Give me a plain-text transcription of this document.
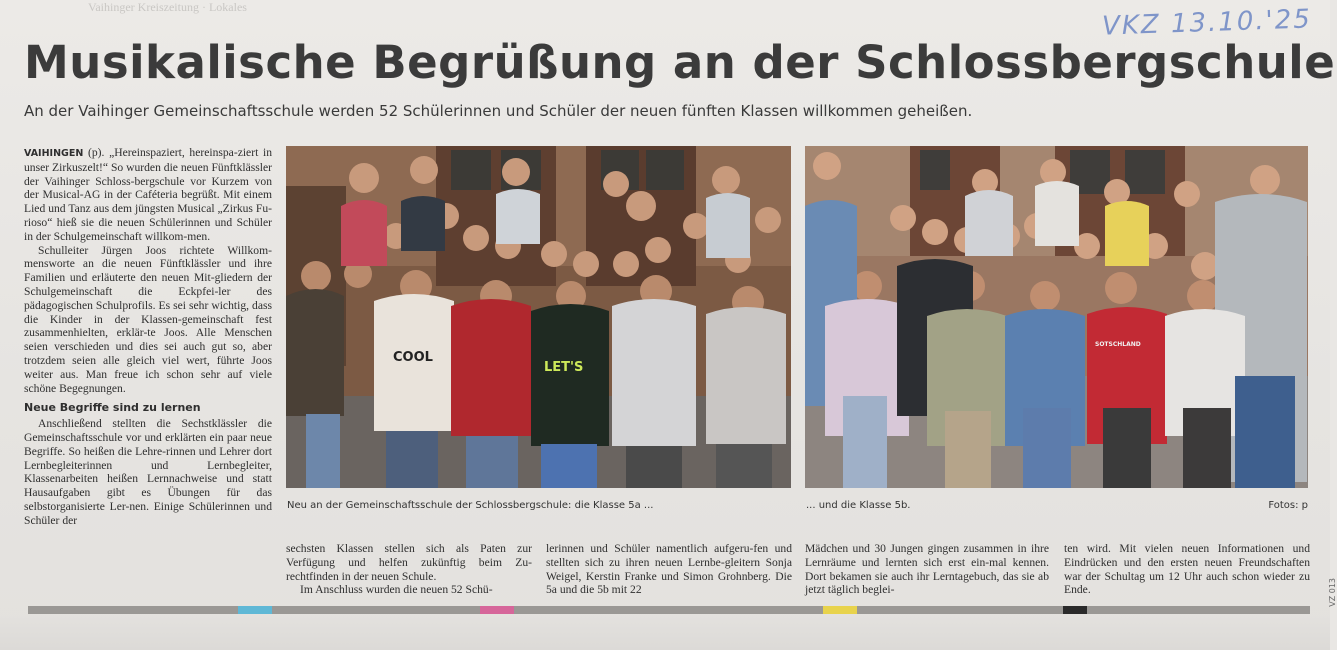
Vaihinger Kreiszeitung · Lokales	VKZ 13.10.'25
Musikalische Begrüßung an der Schlossbergschule
An der Vaihinger Gemeinschaftsschule werden 52 Schülerinnen und Schüler der neuen fünften Klassen willkommen geheißen.

VAIHINGEN (p). „Hereinspaziert, hereinspa-ziert in unser Zirkuszelt!“ So wurden die neuen Fünftklässler der Vaihinger Schloss-bergschule vor Kurzem von der Musical-AG in der Caféteria begrüßt. Mit einem Lied und Tanz aus dem jüngsten Musical „Zirkus Fu-rioso“ hieß sie die neuen Schülerinnen und Schüler in der Schulgemeinschaft willkom-men.

Schulleiter Jürgen Joos richtete Willkom-mensworte an die neuen Fünftklässler und ihre Familien und erläuterte den neuen Mit-gliedern der Schulgemeinschaft die Eckpfei-ler des pädagogischen Schulprofils. Es sei sehr wichtig, dass die Kinder in der Klassen-gemeinschaft fest zusammenhielten, erklär-te Joos. Alle Menschen seien verschieden und dies sei auch gut so, aber trotzdem seien alle gleich viel wert, führte Joos weiter aus. Man freue ich schon sehr auf viele schöne Begegnungen.

Neue Begriffe sind zu lernen

Anschließend stellten die Sechstklässler die Gemeinschaftsschule vor und erklärten ein paar neue Begriffe. So heißen die Lehre-rinnen und Lehrer dort Lernbegleiterinnen und Lernbegleiter, Klassenarbeiten heißen Lernnachweise und statt Hausaufgaben gibt es Übungen für das selbstorganisierte Ler-nen. Einige Schülerinnen und Schüler der

COOL
LET'S
SOTSCHLAND
Neu an der Gemeinschaftsschule der Schlossbergschule: die Klasse 5a ...	... und die Klasse 5b.	Fotos: p

sechsten Klassen stellen sich als Paten zur Verfügung und helfen zukünftig beim Zu-rechtfinden in der neuen Schule.

Im Anschluss wurden die neuen 52 Schü-

lerinnen und Schüler namentlich aufgeru-fen und stellten sich zu ihren neuen Lernbe-gleitern Sonja Weigel, Kerstin Franke und Simon Grohnberg. Die 5a und die 5b mit 22

Mädchen und 30 Jungen gingen zusammen in ihre Lernräume und lernten sich erst ein-mal kennen. Dort bekamen sie auch ihr Lerntagebuch, das sie ab jetzt täglich beglei-

ten wird. Mit vielen neuen Informationen und Eindrücken und den ersten neuen Freundschaften war der Schultag um 12 Uhr auch schon wieder zu Ende.	VZ 013
